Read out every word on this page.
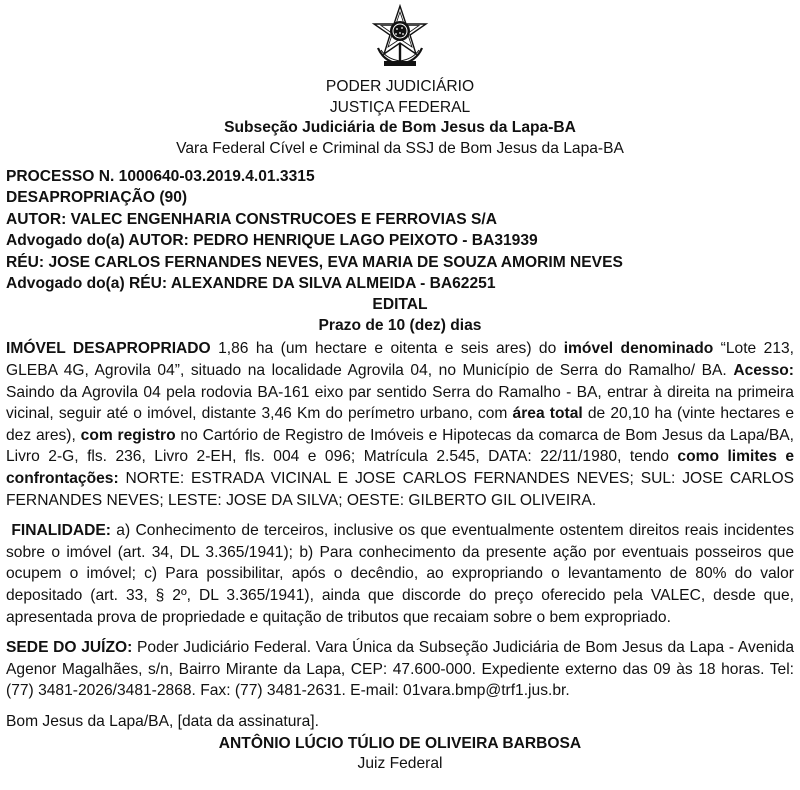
PODER JUDICIÁRIO
JUSTIÇA FEDERAL
Subseção Judiciária de Bom Jesus da Lapa-BA
Vara Federal Cível e Criminal da SSJ de Bom Jesus da Lapa-BA
PROCESSO N. 1000640-03.2019.4.01.3315
DESAPROPRIAÇÃO (90)
AUTOR: VALEC ENGENHARIA CONSTRUCOES E FERROVIAS S/A
Advogado do(a) AUTOR: PEDRO HENRIQUE LAGO PEIXOTO - BA31939
RÉU: JOSE CARLOS FERNANDES NEVES, EVA MARIA DE SOUZA AMORIM NEVES
Advogado do(a) RÉU: ALEXANDRE DA SILVA ALMEIDA - BA62251
EDITAL
Prazo de 10 (dez) dias

IMÓVEL DESAPROPRIADO 1,86 ha (um hectare e oitenta e seis ares) do imóvel denominado “Lote 213, GLEBA 4G, Agrovila 04”, situado na localidade Agrovila 04, no Município de Serra do Ramalho/ BA. Acesso: Saindo da Agrovila 04 pela rodovia BA-161 eixo par sentido Serra do Ramalho - BA, entrar à direita na primeira vicinal, seguir até o imóvel, distante 3,46 Km do perímetro urbano, com área total de 20,10 ha (vinte hectares e dez ares), com registro no Cartório de Registro de Imóveis e Hipotecas da comarca de Bom Jesus da Lapa/BA, Livro 2-G, fls. 236, Livro 2-EH, fls. 004 e 096; Matrícula 2.545, DATA: 22/11/1980, tendo como limites e confrontações: NORTE: ESTRADA VICINAL E JOSE CARLOS FERNANDES NEVES; SUL: JOSE CARLOS FERNANDES NEVES; LESTE: JOSE DA SILVA; OESTE: GILBERTO GIL OLIVEIRA.

FINALIDADE: a) Conhecimento de terceiros, inclusive os que eventualmente ostentem direitos reais incidentes sobre o imóvel (art. 34, DL 3.365/1941); b) Para conhecimento da presente ação por eventuais posseiros que ocupem o imóvel; c) Para possibilitar, após o decêndio, ao expropriando o levantamento de 80% do valor depositado (art. 33, § 2º, DL 3.365/1941), ainda que discorde do preço oferecido pela VALEC, desde que, apresentada prova de propriedade e quitação de tributos que recaiam sobre o bem expropriado.

SEDE DO JUÍZO: Poder Judiciário Federal. Vara Única da Subseção Judiciária de Bom Jesus da Lapa - Avenida Agenor Magalhães, s/n, Bairro Mirante da Lapa, CEP: 47.600-000. Expediente externo das 09 às 18 horas. Tel: (77) 3481-2026/3481-2868. Fax: (77) 3481-2631. E-mail: 01vara.bmp@trf1.jus.br.

Bom Jesus da Lapa/BA, [data da assinatura].

ANTÔNIO LÚCIO TÚLIO DE OLIVEIRA BARBOSA
Juiz Federal
